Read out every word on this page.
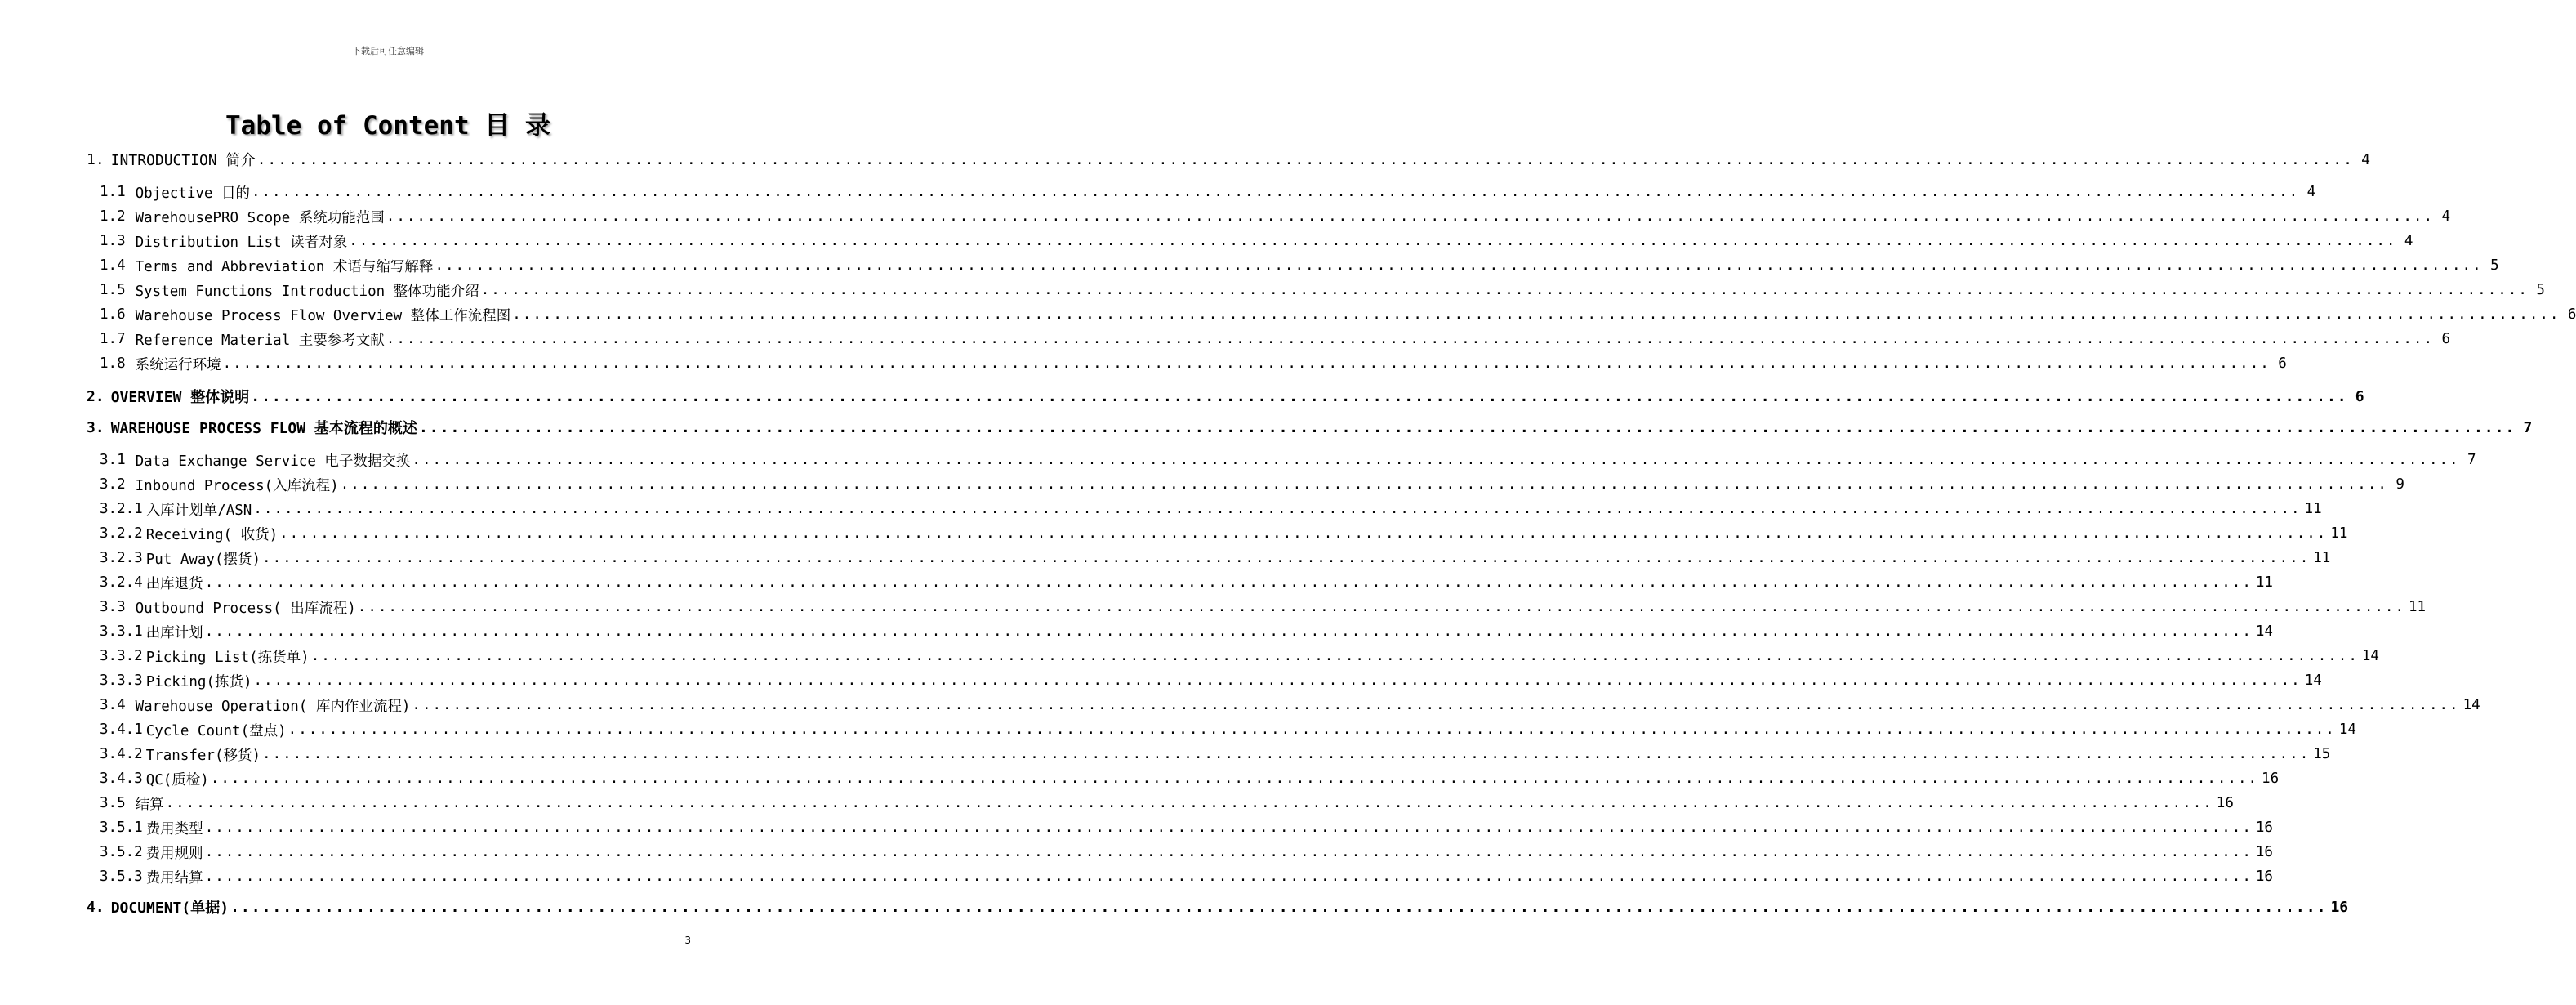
下载后可任意编辑
Table of Content 目 录
1. INTRODUCTION 简介 ........................................................................................................................................................................................................ 4
1.1 Objective 目的 ........................................................................................................................................................................................................ 4
1.2 WarehousePRO Scope 系统功能范围 ........................................................................................................................................................................................................ 4
1.3 Distribution List 读者对象 ........................................................................................................................................................................................................ 4
1.4 Terms and Abbreviation 术语与缩写解释 ........................................................................................................................................................................................................ 5
1.5 System Functions Introduction 整体功能介绍 ........................................................................................................................................................................................................ 5
1.6 Warehouse Process Flow Overview 整体工作流程图 ........................................................................................................................................................................................................ 6
1.7 Reference Material 主要参考文献 ........................................................................................................................................................................................................ 6
1.8 系统运行环境 ........................................................................................................................................................................................................ 6
2. OVERVIEW 整体说明 ........................................................................................................................................................................................................ 6
3. WAREHOUSE PROCESS FLOW 基本流程的概述 ........................................................................................................................................................................................................ 7
3.1 Data Exchange Service 电子数据交换 ........................................................................................................................................................................................................ 7
3.2 Inbound Process(入库流程) ........................................................................................................................................................................................................ 9
3.2.1 入库计划单/ASN ........................................................................................................................................................................................................ 11
3.2.2 Receiving( 收货) ........................................................................................................................................................................................................ 11
3.2.3 Put Away(摆货) ........................................................................................................................................................................................................ 11
3.2.4 出库退货 ........................................................................................................................................................................................................ 11
3.3 Outbound Process( 出库流程) ........................................................................................................................................................................................................ 11
3.3.1 出库计划 ........................................................................................................................................................................................................ 14
3.3.2 Picking List(拣货单) ........................................................................................................................................................................................................ 14
3.3.3 Picking(拣货) ........................................................................................................................................................................................................ 14
3.4 Warehouse Operation( 库内作业流程) ........................................................................................................................................................................................................ 14
3.4.1 Cycle Count(盘点) ........................................................................................................................................................................................................ 14
3.4.2 Transfer(移货) ........................................................................................................................................................................................................ 15
3.4.3 QC(质检) ........................................................................................................................................................................................................ 16
3.5 结算 ........................................................................................................................................................................................................ 16
3.5.1 费用类型 ........................................................................................................................................................................................................ 16
3.5.2 费用规则 ........................................................................................................................................................................................................ 16
3.5.3 费用结算 ........................................................................................................................................................................................................ 16
4. DOCUMENT(单据) ........................................................................................................................................................................................................ 16
3
